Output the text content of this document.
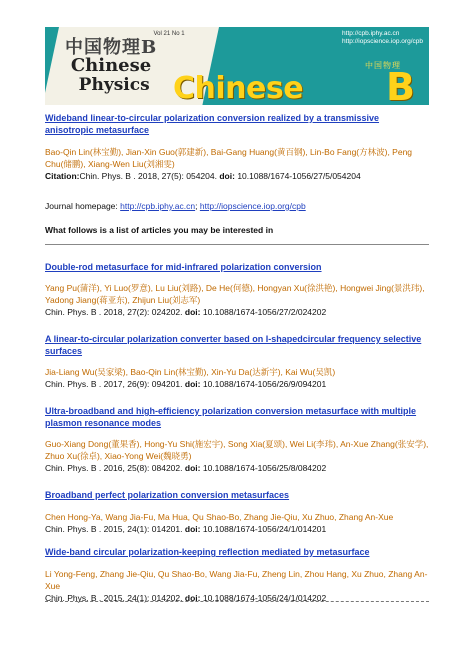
Vol 21 No 1
中国物理B
Chinese
Physics
http://cpb.iphy.ac.cn
http://iopscience.iop.org/cpb
中国物理
Chinese	B

Wideband linear-to-circular polarization conversion realized by a transmissive anisotropic metasurface

Bao-Qin Lin(林宝勤), Jian-Xin Guo(郭建新), Bai-Gang Huang(黄百钢), Lin-Bo Fang(方林波), Peng Chu(储鹏), Xiang-Wen Liu(刘湘雯)

Citation:Chin. Phys. B . 2018, 27(5): 054204. doi: 10.1088/1674-1056/27/5/054204

Journal homepage: http://cpb.iphy.ac.cn; http://iopscience.iop.org/cpb
What follows is a list of articles you may be interested in

Double-rod metasurface for mid-infrared polarization conversion

Yang Pu(蒲洋), Yi Luo(罗意), Lu Liu(刘路), De He(何德), Hongyan Xu(徐洪艳), Hongwei Jing(景洪玮), Yadong Jiang(蒋亚东), Zhijun Liu(刘志军)

Chin. Phys. B . 2018, 27(2): 024202. doi: 10.1088/1674-1056/27/2/024202

A linear-to-circular polarization converter based on I-shapedcircular frequency selective surfaces

Jia-Liang Wu(吴家梁), Bao-Qin Lin(林宝勤), Xin-Yu Da(达新宇), Kai Wu(吴凯)

Chin. Phys. B . 2017, 26(9): 094201. doi: 10.1088/1674-1056/26/9/094201

Ultra-broadband and high-efficiency polarization conversion metasurface with multiple plasmon resonance modes

Guo-Xiang Dong(董果香), Hong-Yu Shi(施宏宇), Song Xia(夏颂), Wei Li(李玮), An-Xue Zhang(张安学), Zhuo Xu(徐卓), Xiao-Yong Wei(魏晓勇)

Chin. Phys. B . 2016, 25(8): 084202. doi: 10.1088/1674-1056/25/8/084202

Broadband perfect polarization conversion metasurfaces

Chen Hong-Ya, Wang Jia-Fu, Ma Hua, Qu Shao-Bo, Zhang Jie-Qiu, Xu Zhuo, Zhang An-Xue

Chin. Phys. B . 2015, 24(1): 014201. doi: 10.1088/1674-1056/24/1/014201

Wide-band circular polarization-keeping reflection mediated by metasurface

Li Yong-Feng, Zhang Jie-Qiu, Qu Shao-Bo, Wang Jia-Fu, Zheng Lin, Zhou Hang, Xu Zhuo, Zhang An-Xue

Chin. Phys. B . 2015, 24(1): 014202. doi: 10.1088/1674-1056/24/1/014202
